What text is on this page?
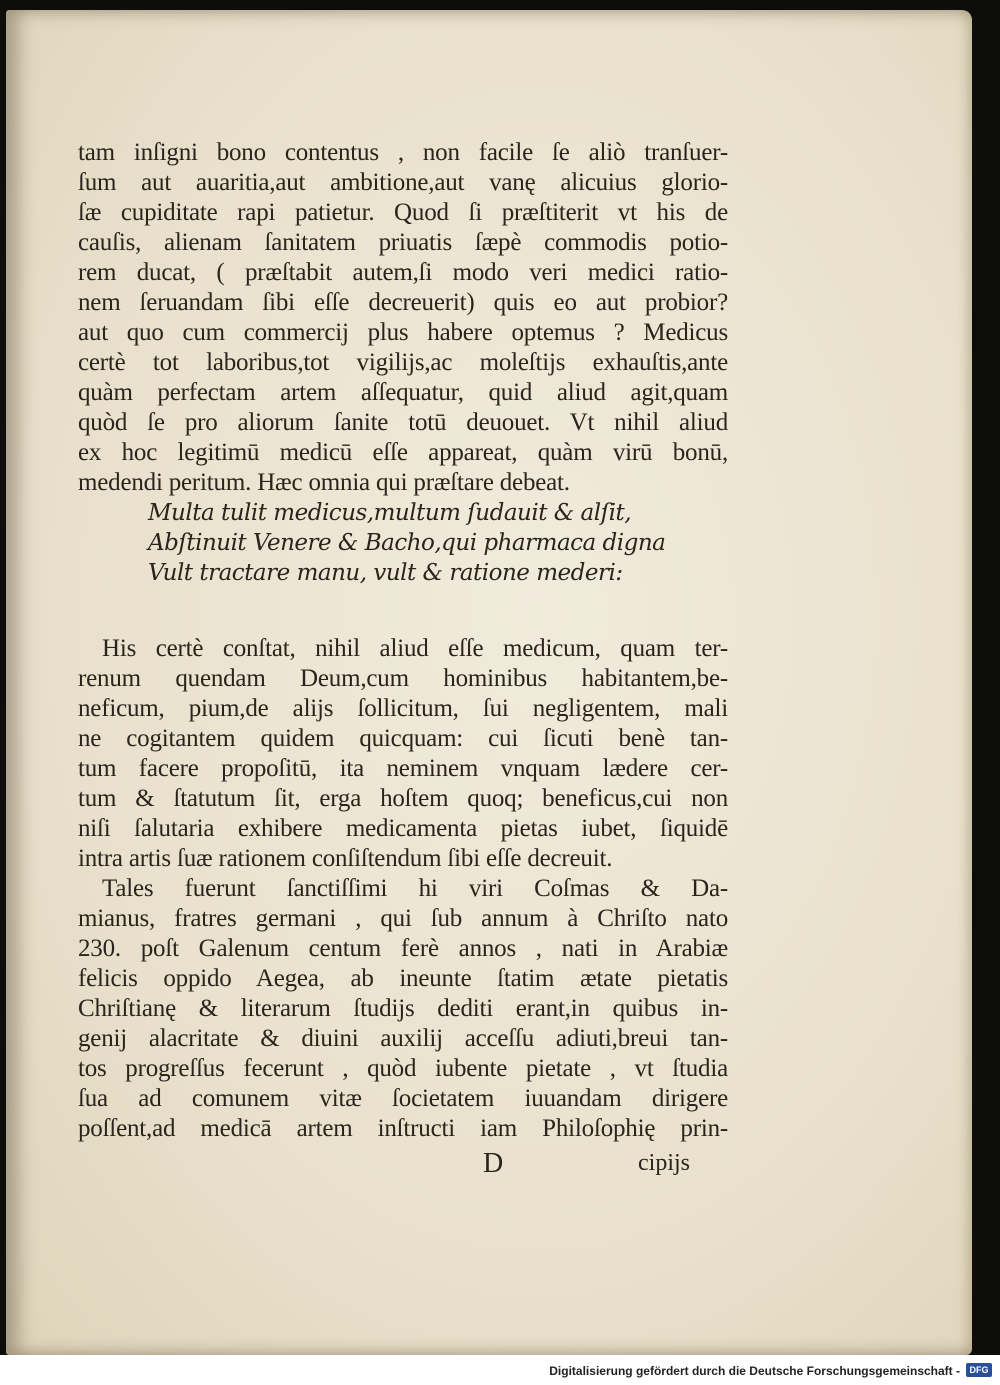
tam inſigni bono contentus , non facile ſe aliò tranſuer-
ſum aut auaritia,aut ambitione,aut vanę alicuius glorio-
ſæ cupiditate rapi patietur. Quod ſi præſtiterit vt his de
cauſis, alienam ſanitatem priuatis ſæpè commodis potio-
rem ducat, ( præſtabit autem,ſi modo veri medici ratio-
nem ſeruandam ſibi eſſe decreuerit) quis eo aut probior?
aut quo cum commercij plus habere optemus ? Medicus
certè tot laboribus,tot vigilijs,ac moleſtijs exhauſtis,ante
quàm perfectam artem aſſequatur, quid aliud agit,quam
quòd ſe pro aliorum ſanite totū deuouet. Vt nihil aliud
ex hoc legitimū medicū eſſe appareat, quàm virū bonū,
medendi peritum. Hæc omnia qui præſtare debeat.
Multa tulit medicus,multum ſudauit & alſit,
Abſtinuit Venere & Bacho,qui pharmaca digna
Vult tractare manu, vult & ratione mederi:
His certè conſtat, nihil aliud eſſe medicum, quam ter-
renum quendam Deum,cum hominibus habitantem,be-
neficum, pium,de alijs ſollicitum, ſui negligentem, mali
ne cogitantem quidem quicquam: cui ſicuti benè tan-
tum facere propoſitū, ita neminem vnquam lædere cer-
tum & ſtatutum ſit, erga hoſtem quoq; beneficus,cui non
niſi ſalutaria exhibere medicamenta pietas iubet, ſiquidē
intra artis ſuæ rationem conſiſtendum ſibi eſſe decreuit.
Tales fuerunt ſanctiſſimi hi viri Coſmas & Da-
mianus, fratres germani , qui ſub annum à Chriſto nato
230. poſt Galenum centum ferè annos , nati in Arabiæ
felicis oppido Aegea, ab ineunte ſtatim ætate pietatis
Chriſtianę & literarum ſtudijs dediti erant,in quibus in-
genij alacritate & diuini auxilij acceſſu adiuti,breui tan-
tos progreſſus fecerunt , quòd iubente pietate , vt ſtudia
ſua ad comunem vitæ ſocietatem iuuandam dirigere
poſſent,ad medicā artem inſtructi iam Philoſophię prin-
D	cipijs
Digitalisierung gefördert durch die Deutsche Forschungsgemeinschaft -	DFG
